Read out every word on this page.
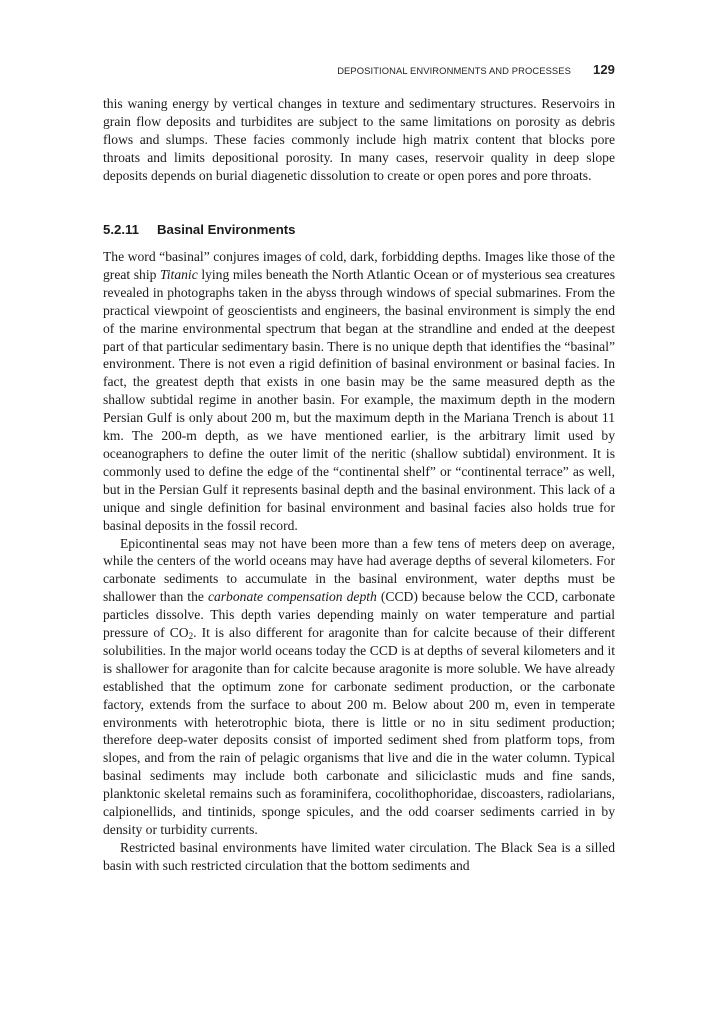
DEPOSITIONAL ENVIRONMENTS AND PROCESSES 129

this waning energy by vertical changes in texture and sedimentary structures. Reservoirs in grain flow deposits and turbidites are subject to the same limitations on porosity as debris flows and slumps. These facies commonly include high matrix content that blocks pore throats and limits depositional porosity. In many cases, reservoir quality in deep slope deposits depends on burial diagenetic dissolution to create or open pores and pore throats.

5.2.11 Basinal Environments

The word “basinal” conjures images of cold, dark, forbidding depths. Images like those of the great ship Titanic lying miles beneath the North Atlantic Ocean or of mysterious sea creatures revealed in photographs taken in the abyss through windows of special submarines. From the practical viewpoint of geoscientists and engineers, the basinal environment is simply the end of the marine environmental spectrum that began at the strandline and ended at the deepest part of that particular sedimentary basin. There is no unique depth that identifies the “basinal” environment. There is not even a rigid definition of basinal environment or basinal facies. In fact, the greatest depth that exists in one basin may be the same measured depth as the shallow subtidal regime in another basin. For example, the maximum depth in the modern Persian Gulf is only about 200 m, but the maximum depth in the Mariana Trench is about 11 km. The 200-m depth, as we have mentioned earlier, is the arbitrary limit used by oceanographers to define the outer limit of the neritic (shallow subtidal) environment. It is commonly used to define the edge of the “continental shelf” or “continental terrace” as well, but in the Persian Gulf it represents basinal depth and the basinal environment. This lack of a unique and single definition for basinal environment and basinal facies also holds true for basinal deposits in the fossil record.

Epicontinental seas may not have been more than a few tens of meters deep on average, while the centers of the world oceans may have had average depths of several kilometers. For carbonate sediments to accumulate in the basinal environment, water depths must be shallower than the carbonate compensation depth (CCD) because below the CCD, carbonate particles dissolve. This depth varies depending mainly on water temperature and partial pressure of $CO_2$. It is also different for aragonite than for calcite because of their different solubilities. In the major world oceans today the CCD is at depths of several kilometers and it is shallower for aragonite than for calcite because aragonite is more soluble. We have already established that the optimum zone for carbonate sediment production, or the carbonate factory, extends from the surface to about 200 m. Below about 200 m, even in temperate environments with heterotrophic biota, there is little or no in situ sediment production; therefore deep-water deposits consist of imported sediment shed from platform tops, from slopes, and from the rain of pelagic organisms that live and die in the water column. Typical basinal sediments may include both carbonate and siliciclastic muds and fine sands, planktonic skeletal remains such as foraminifera, cocolithophoridae, discoasters, radiolarians, calpionellids, and tintinids, sponge spicules, and the odd coarser sediments carried in by density or turbidity currents.

Restricted basinal environments have limited water circulation. The Black Sea is a silled basin with such restricted circulation that the bottom sediments and
